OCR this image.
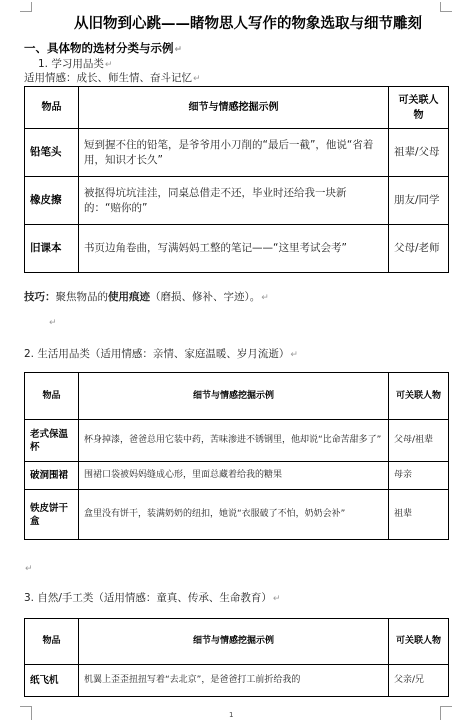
从旧物到心跳——睹物思人写作的物象选取与细节雕刻
一、具体物的选材分类与示例↵
1. 学习用品类↵
适用情感：成长、师生情、奋斗记忆↵
物品	细节与情感挖掘示例	可关联人物
铅笔头	短到握不住的铅笔，是爷爷用小刀削的“最后一截”，他说“省着用，知识才长久”	祖辈/父母
橡皮擦	被抠得坑坑洼洼，同桌总借走不还，毕业时还给我一块新的：“赔你的”	朋友/同学
旧课本	书页边角卷曲，写满妈妈工整的笔记——“这里考试会考”	父母/老师
技巧：聚焦物品的使用痕迹（磨损、修补、字迹）。↵
↵
2. 生活用品类（适用情感：亲情、家庭温暖、岁月流逝）↵
物品	细节与情感挖掘示例	可关联人物
老式保温杯	杯身掉漆，爸爸总用它装中药，苦味渗进不锈钢里，他却说“比命苦甜多了”	父母/祖辈
破洞围裙	围裙口袋被妈妈缝成心形，里面总藏着给我的糖果	母亲
铁皮饼干盒	盒里没有饼干，装满奶奶的纽扣，她说“衣服破了不怕，奶奶会补”	祖辈
↵
3. 自然/手工类（适用情感：童真、传承、生命教育）↵
物品	细节与情感挖掘示例	可关联人物
纸飞机	机翼上歪歪扭扭写着“去北京”，是爸爸打工前折给我的	父亲/兄
1
